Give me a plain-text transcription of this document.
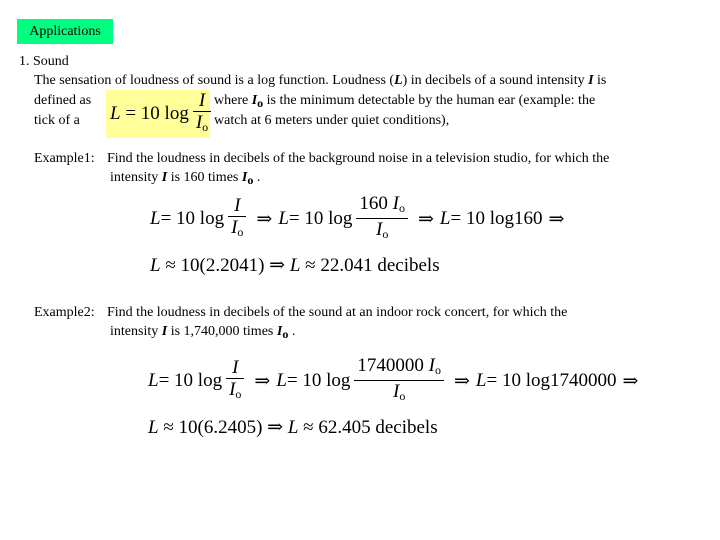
Applications
1. Sound
The sensation of loudness of sound is a log function. Loudness (L) in decibels of a sound intensity I is
defined as	where $I_o$ is the minimum detectable by the human ear (example: the
tick of a	watch at 6 meters under quiet conditions),
L = 10 $\log \frac{I}{I_o}$
Example1: Find the loudness in decibels of the background noise in a television studio, for which the
intensity I is 160 times $I_o$ .
L = 10 $\log \frac{I}{I_o}$ ⇒ L = 10 $\log \frac{160 I_o}{I_o}$ ⇒ L = 10 log160 ⇒
L ≈ 10(2.2041) ⇒ L ≈ 22.041 decibels
Example2: Find the loudness in decibels of the sound at an indoor rock concert, for which the
intensity I is 1,740,000 times $I_o$ .
L = 10 $\log \frac{I}{I_o}$ ⇒ L = 10 $\log \frac{1740000 I_o}{I_o}$ ⇒ L = 10 log1740000 ⇒
L ≈ 10(6.2405) ⇒ L ≈ 62.405 decibels
